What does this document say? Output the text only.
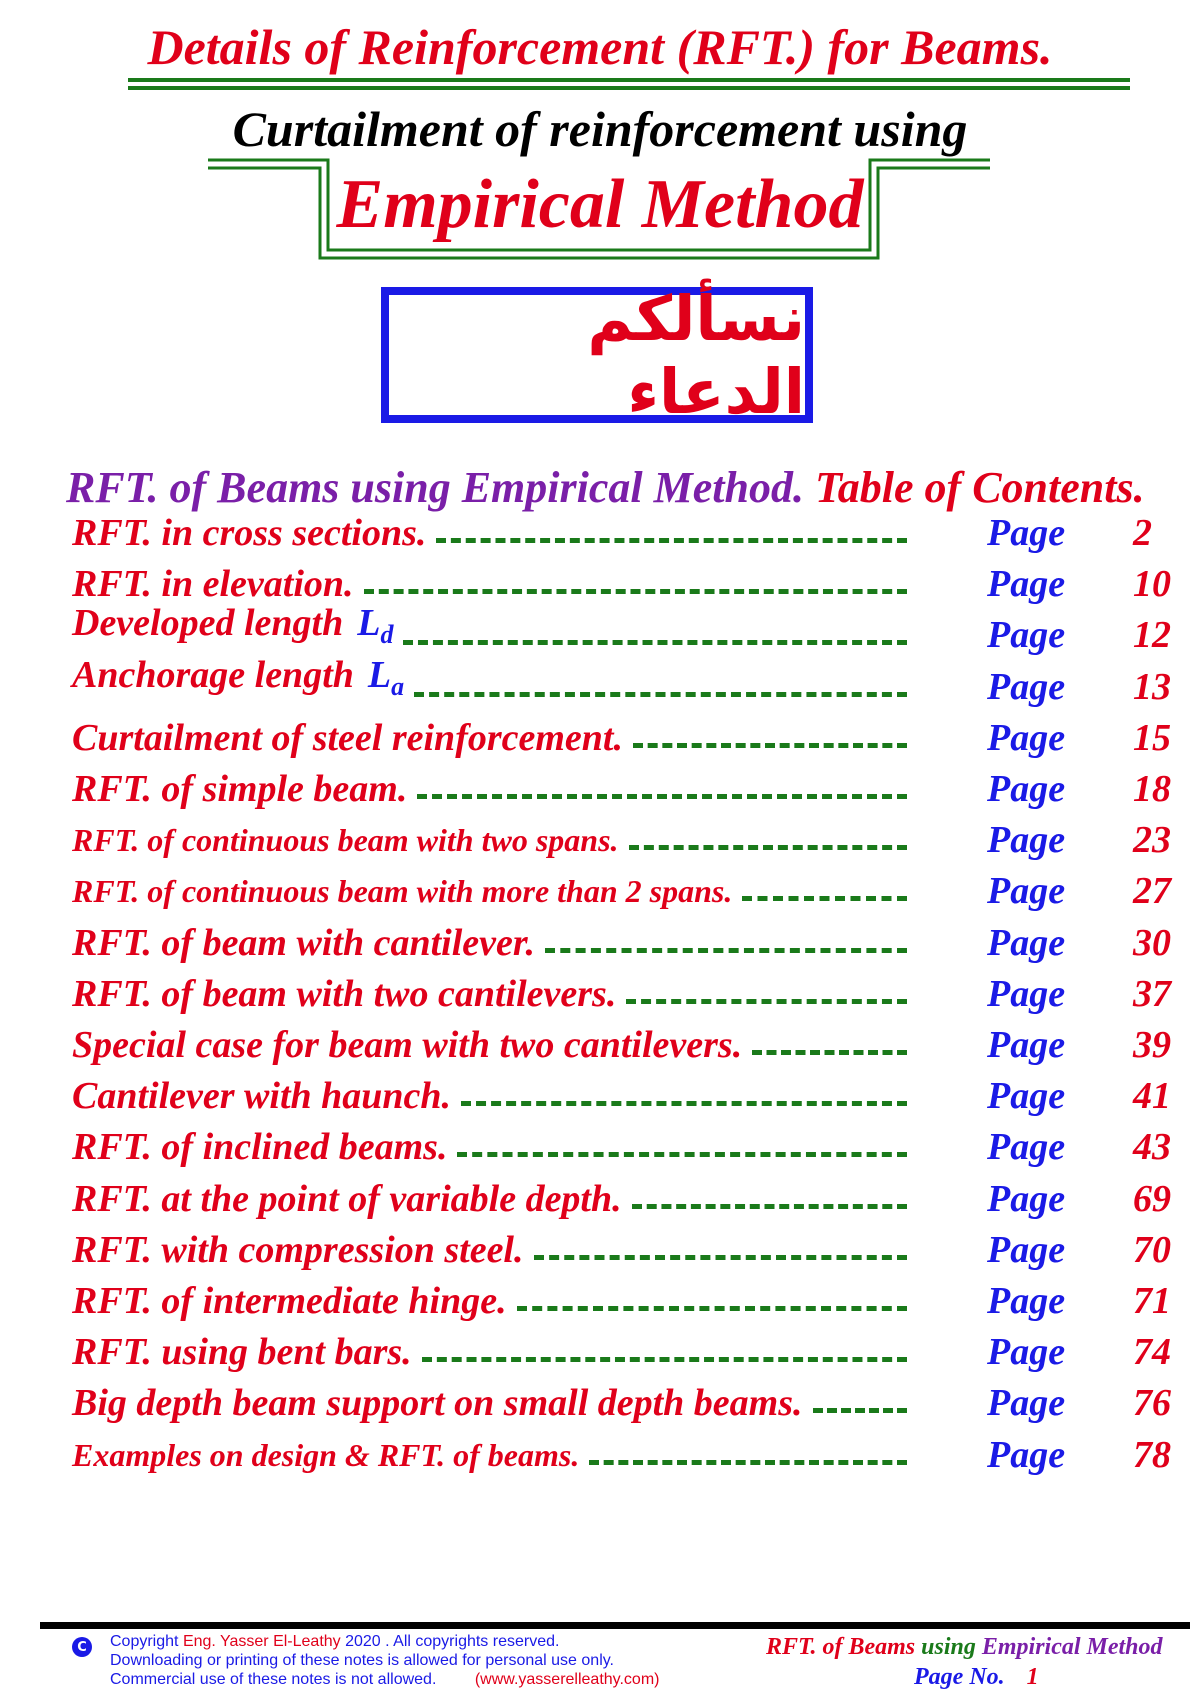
Details of Reinforcement (RFT.) for Beams.
Curtailment of reinforcement using
Empirical Method
نسألكم الدعاء
RFT. of Beams using Empirical Method. Table of Contents.
RFT. in cross sections.	Page 2
RFT. in elevation.	Page 10
Developed length $L_d$	Page 12
Anchorage length $L_a$	Page 13
Curtailment of steel reinforcement.	Page 15
RFT. of simple beam.	Page 18
RFT. of continuous beam with two spans.	Page 23
RFT. of continuous beam with more than 2 spans.	Page 27
RFT. of beam with cantilever.	Page 30
RFT. of beam with two cantilevers.	Page 37
Special case for beam with two cantilevers.	Page 39
Cantilever with haunch.	Page 41
RFT. of inclined beams.	Page 43
RFT. at the point of variable depth.	Page 69
RFT. with compression steel.	Page 70
RFT. of intermediate hinge.	Page 71
RFT. using bent bars.	Page 74
Big depth beam support on small depth beams.	Page 76
Examples on design & RFT. of beams.	Page 78
C	Copyright Eng. Yasser El-Leathy 2020 . All copyrights reserved.
Downloading or printing of these notes is allowed for personal use only.
Commercial use of these notes is not allowed. (www.yasserelleathy.com)
RFT. of Beams using Empirical Method
Page No. 1
